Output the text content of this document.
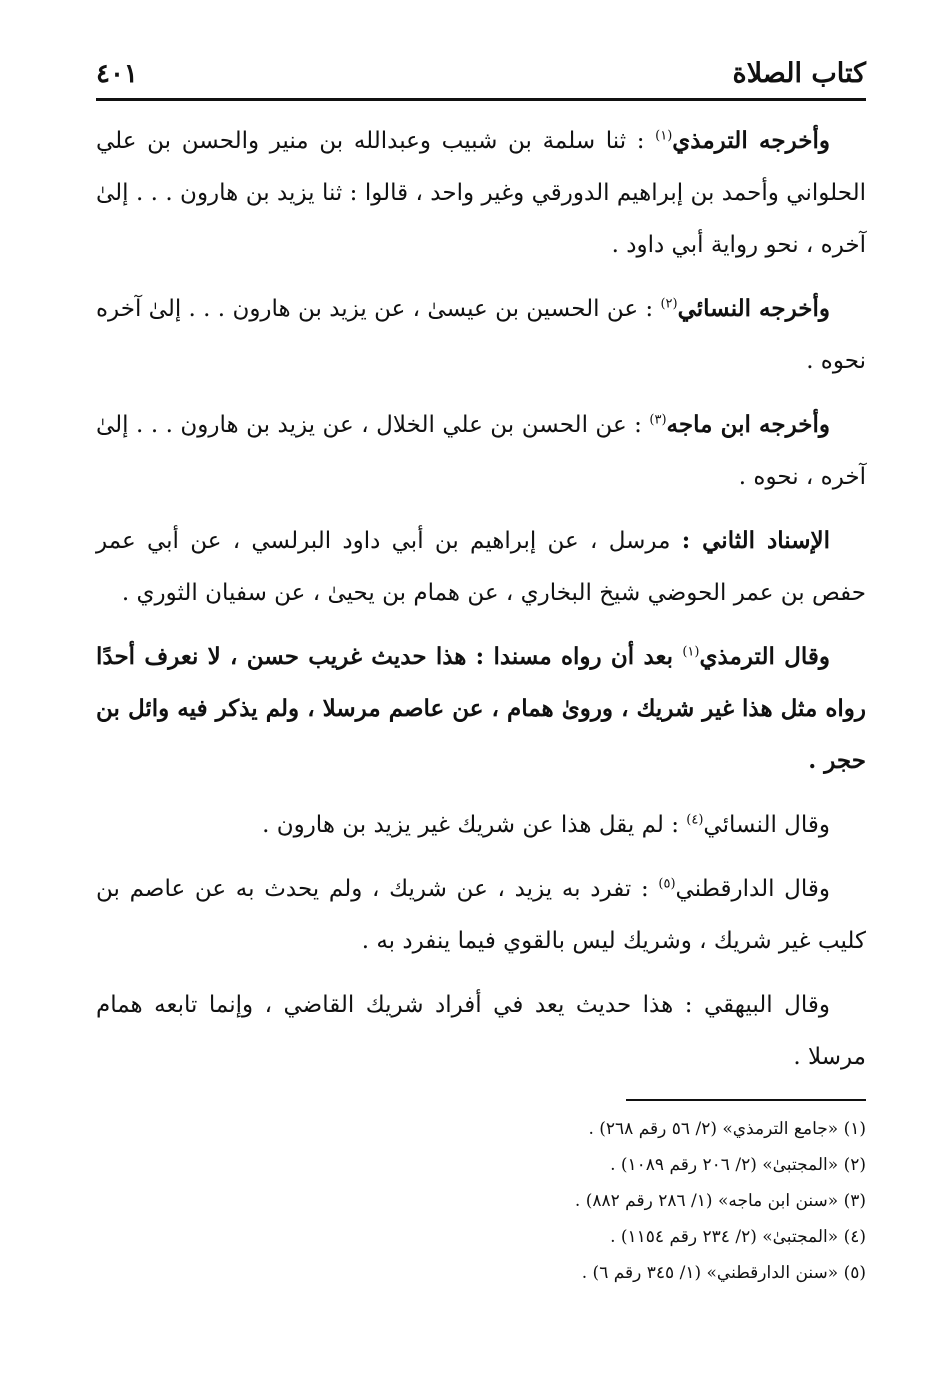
كتاب الصلاة
٤٠١

وأخرجه الترمذي$^{(١)}$ : ثنا سلمة بن شبيب وعبدالله بن منير والحسن بن علي الحلواني وأحمد بن إبراهيم الدورقي وغير واحد ، قالوا : ثنا يزيد بن هارون . . . إلىٰ آخره ، نحو رواية أبي داود .

وأخرجه النسائي$^{(٢)}$ : عن الحسين بن عيسىٰ ، عن يزيد بن هارون . . . إلىٰ آخره نحوه .

وأخرجه ابن ماجه$^{(٣)}$ : عن الحسن بن علي الخلال ، عن يزيد بن هارون . . . إلىٰ آخره ، نحوه .

الإسناد الثاني : مرسل ، عن إبراهيم بن أبي داود البرلسي ، عن أبي عمر حفص بن عمر الحوضي شيخ البخاري ، عن همام بن يحيىٰ ، عن سفيان الثوري .

وقال الترمذي$^{(١)}$ بعد أن رواه مسندا : هذا حديث غريب حسن ، لا نعرف أحدًا رواه مثل هذا غير شريك ، وروىٰ همام ، عن عاصم مرسلا ، ولم يذكر فيه وائل بن حجر .

وقال النسائي$^{(٤)}$ : لم يقل هذا عن شريك غير يزيد بن هارون .

وقال الدارقطني$^{(٥)}$ : تفرد به يزيد ، عن شريك ، ولم يحدث به عن عاصم بن كليب غير شريك ، وشريك ليس بالقوي فيما ينفرد به .

وقال البيهقي : هذا حديث يعد في أفراد شريك القاضي ، وإنما تابعه همام مرسلا .

(١) «جامع الترمذي» (٢/ ٥٦ رقم ٢٦٨) .

(٢) «المجتبىٰ» (٢/ ٢٠٦ رقم ١٠٨٩) .

(٣) «سنن ابن ماجه» (١/ ٢٨٦ رقم ٨٨٢) .

(٤) «المجتبىٰ» (٢/ ٢٣٤ رقم ١١٥٤) .

(٥) «سنن الدارقطني» (١/ ٣٤٥ رقم ٦) .
